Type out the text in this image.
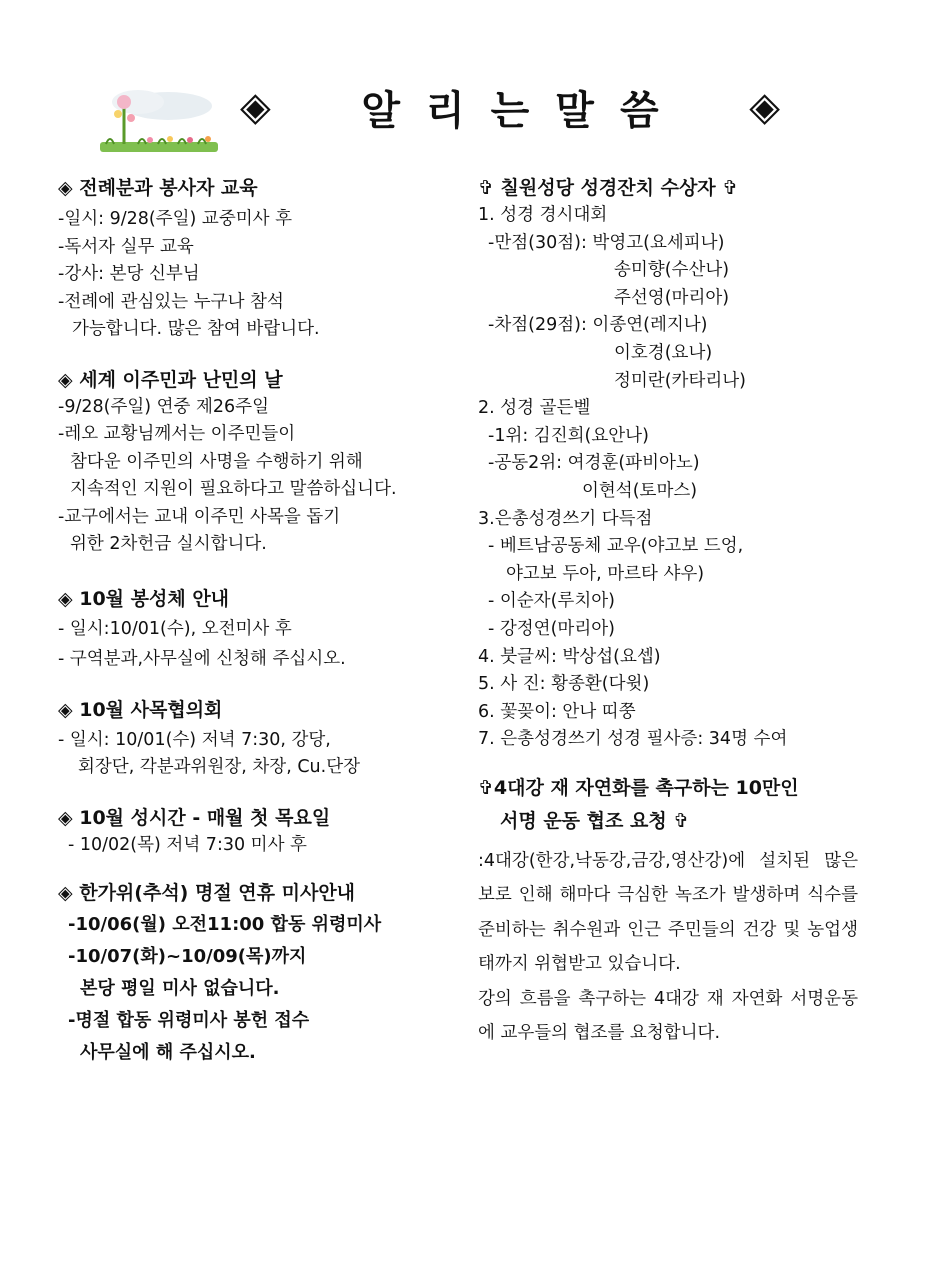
◈	알리는말씀	◈
◈ 전례분과 봉사자 교육
-일시: 9/28(주일) 교중미사 후
-독서자 실무 교육
-강사: 본당 신부님
-전례에 관심있는 누구나 참석
가능합니다. 많은 참여 바랍니다.
◈ 세계 이주민과 난민의 날
-9/28(주일) 연중 제26주일
-레오 교황님께서는 이주민들이
참다운 이주민의 사명을 수행하기 위해
지속적인 지원이 필요하다고 말씀하십니다.
-교구에서는 교내 이주민 사목을 돕기
위한 2차헌금 실시합니다.
◈ 10월 봉성체 안내
- 일시:10/01(수), 오전미사 후
- 구역분과,사무실에 신청해 주십시오.
◈ 10월 사목협의회
- 일시: 10/01(수) 저녁 7:30, 강당,
회장단, 각분과위원장, 차장, Cu.단장
◈ 10월 성시간 - 매월 첫 목요일
- 10/02(목) 저녁 7:30 미사 후
◈ 한가위(추석) 명절 연휴 미사안내
-10/06(월) 오전11:00 합동 위령미사
-10/07(화)~10/09(목)까지
본당 평일 미사 없습니다.
-명절 합동 위령미사 봉헌 접수
사무실에 해 주십시오.
✞ 칠원성당 성경잔치 수상자 ✞
1. 성경 경시대회
-만점(30점): 박영고(요세피나)
송미향(수산나)
주선영(마리아)
-차점(29점): 이종연(레지나)
이호경(요나)
정미란(카타리나)
2. 성경 골든벨
-1위: 김진희(요안나)
-공동2위: 여경훈(파비아노)
이현석(토마스)
3.은총성경쓰기 다득점
- 베트남공동체 교우(야고보 드엉,
야고보 두아, 마르타 샤우)
- 이순자(루치아)
- 강정연(마리아)
4. 붓글씨: 박상섭(요셉)
5. 사 진: 황종환(다윗)
6. 꽃꽂이: 안나 띠쭝
7. 은총성경쓰기 성경 필사증: 34명 수여
✞4대강 재 자연화를 촉구하는 10만인
서명 운동 협조 요청 ✞
:4대강(한강,낙동강,금강,영산강)에 설치된 많은 보로 인해 해마다 극심한 녹조가 발생하며 식수를 준비하는 취수원과 인근 주민들의 건강 및 농업생태까지 위협받고 있습니다.
강의 흐름을 촉구하는 4대강 재 자연화 서명운동에 교우들의 협조를 요청합니다.
